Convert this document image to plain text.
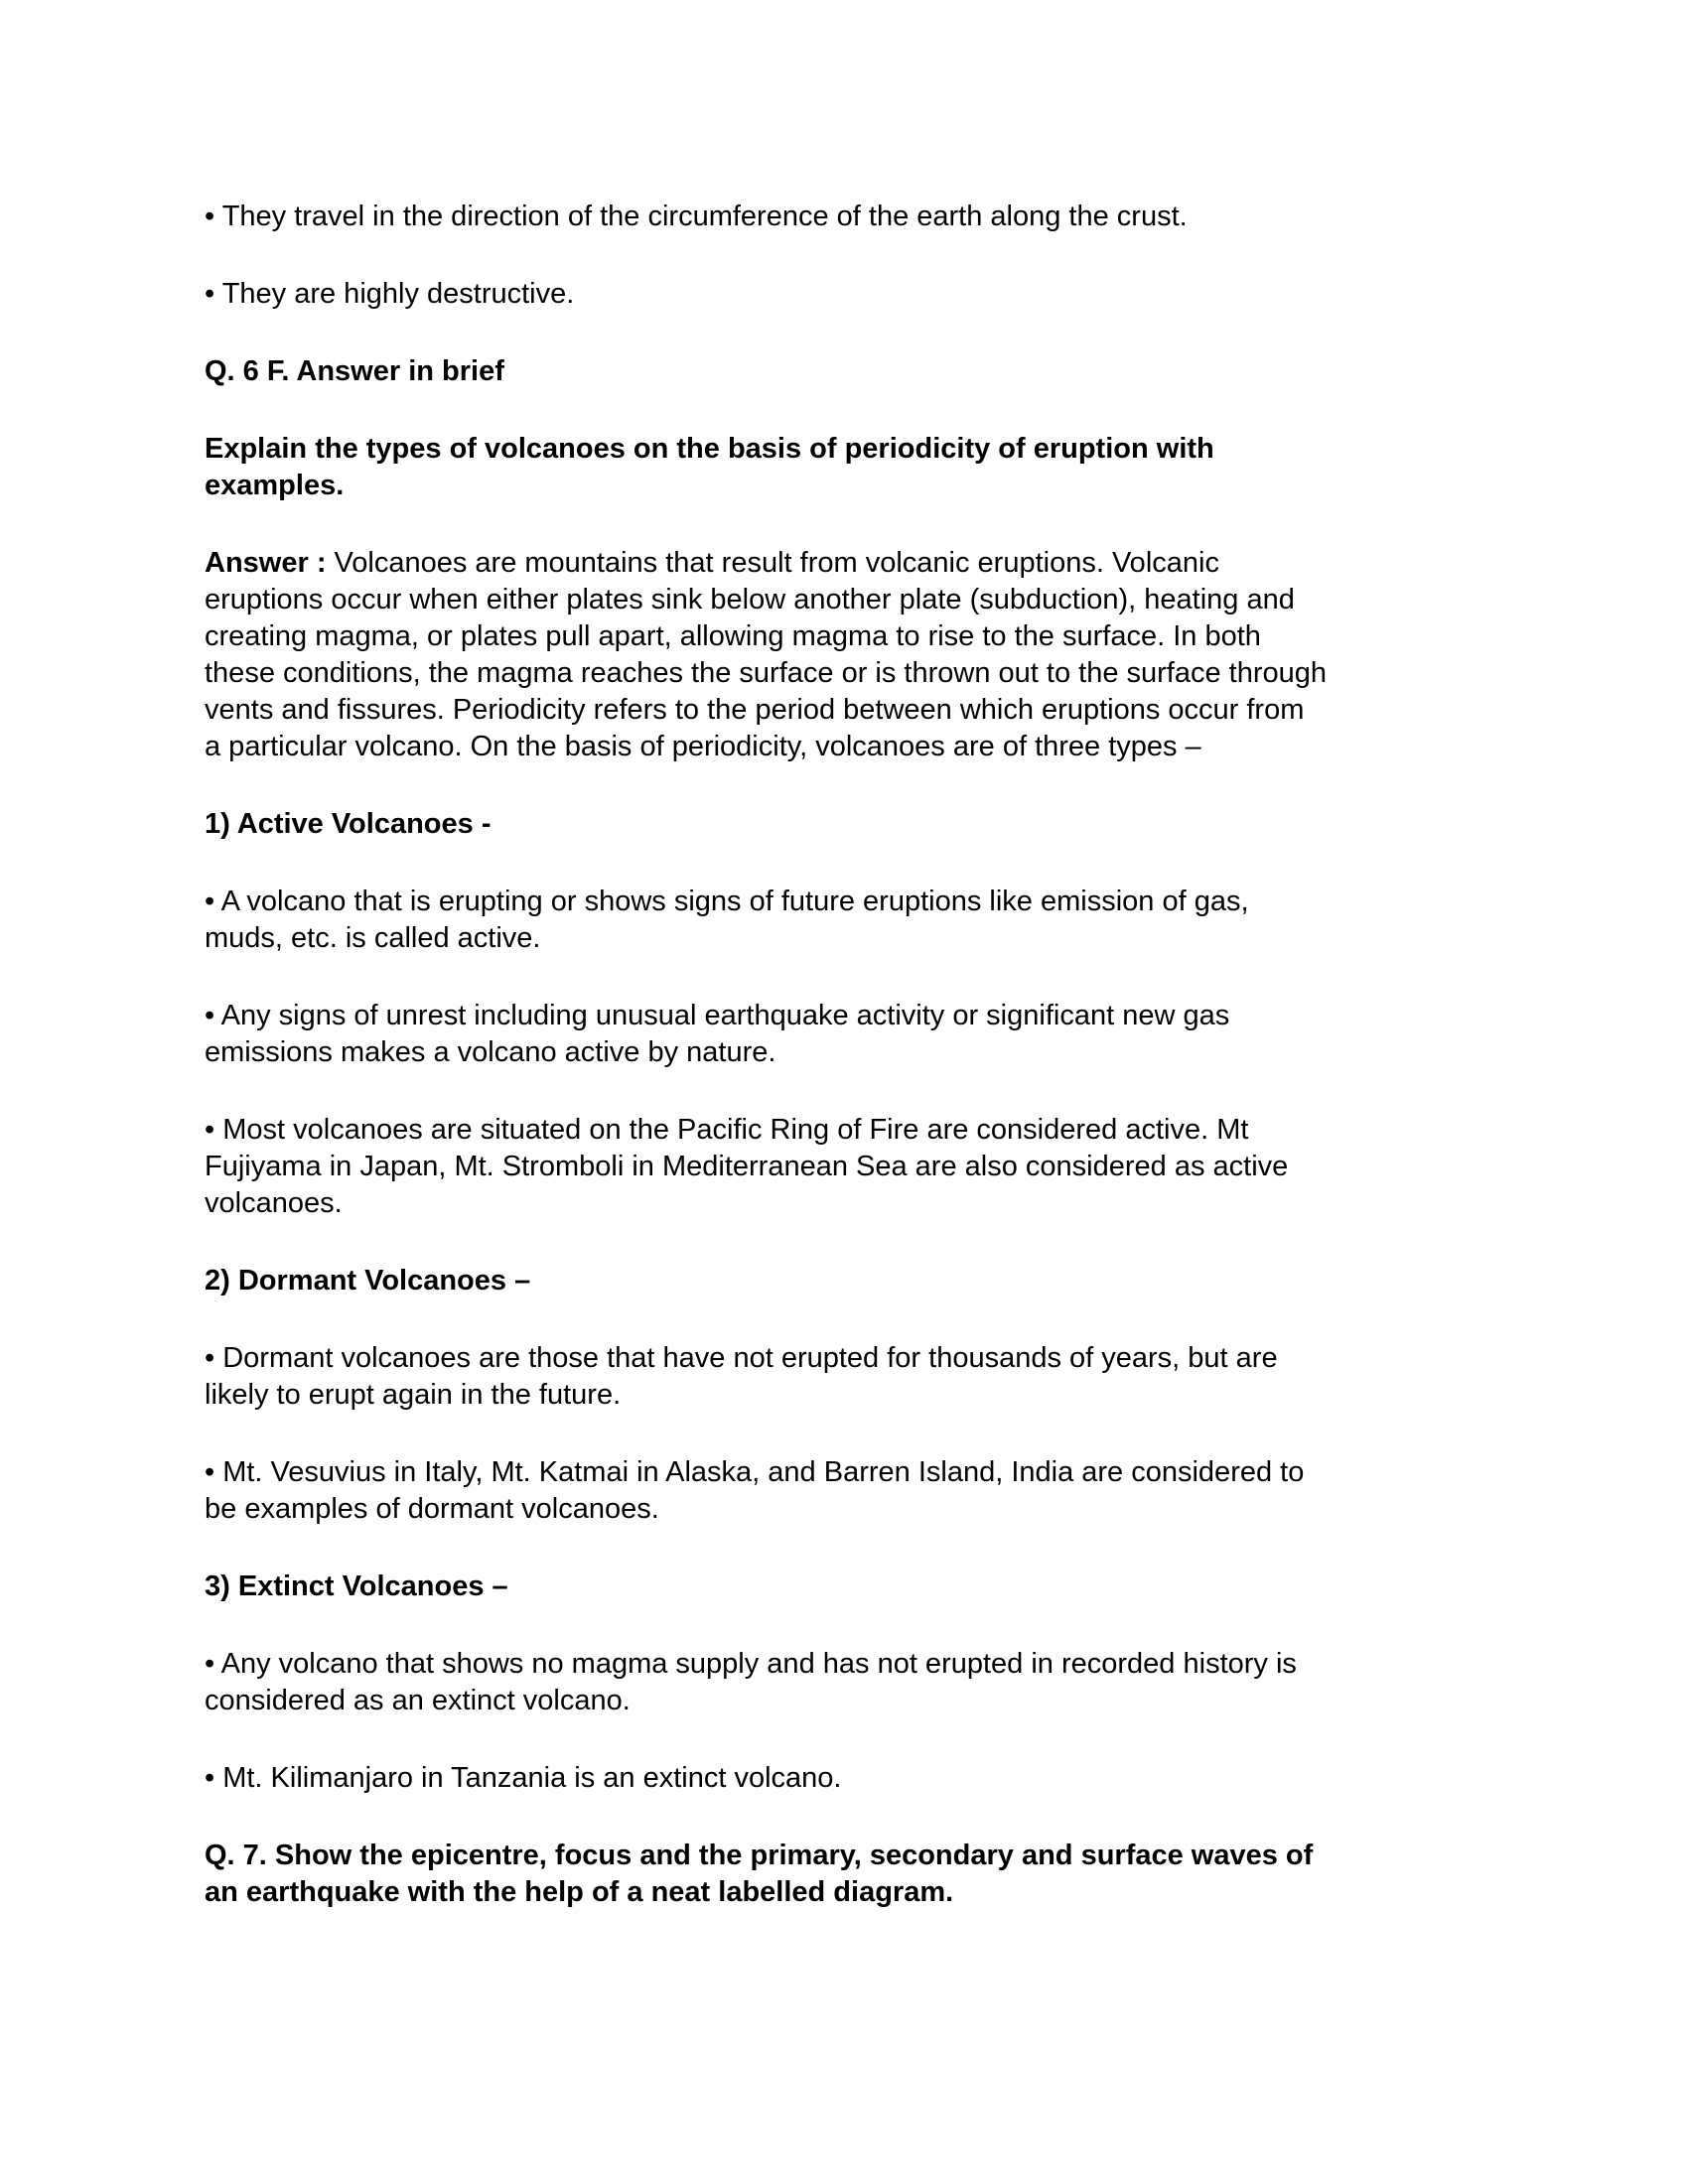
• They travel in the direction of the circumference of the earth along the crust.
• They are highly destructive.
Q. 6 F. Answer in brief
Explain the types of volcanoes on the basis of periodicity of eruption with
examples.
Answer : Volcanoes are mountains that result from volcanic eruptions. Volcanic
eruptions occur when either plates sink below another plate (subduction), heating and
creating magma, or plates pull apart, allowing magma to rise to the surface. In both
these conditions, the magma reaches the surface or is thrown out to the surface through
vents and fissures. Periodicity refers to the period between which eruptions occur from
a particular volcano. On the basis of periodicity, volcanoes are of three types –
1) Active Volcanoes -
• A volcano that is erupting or shows signs of future eruptions like emission of gas,
muds, etc. is called active.
• Any signs of unrest including unusual earthquake activity or significant new gas
emissions makes a volcano active by nature.
• Most volcanoes are situated on the Pacific Ring of Fire are considered active. Mt
Fujiyama in Japan, Mt. Stromboli in Mediterranean Sea are also considered as active
volcanoes.
2) Dormant Volcanoes –
• Dormant volcanoes are those that have not erupted for thousands of years, but are
likely to erupt again in the future.
• Mt. Vesuvius in Italy, Mt. Katmai in Alaska, and Barren Island, India are considered to
be examples of dormant volcanoes.
3) Extinct Volcanoes –
• Any volcano that shows no magma supply and has not erupted in recorded history is
considered as an extinct volcano.
• Mt. Kilimanjaro in Tanzania is an extinct volcano.
Q. 7. Show the epicentre, focus and the primary, secondary and surface waves of
an earthquake with the help of a neat labelled diagram.
